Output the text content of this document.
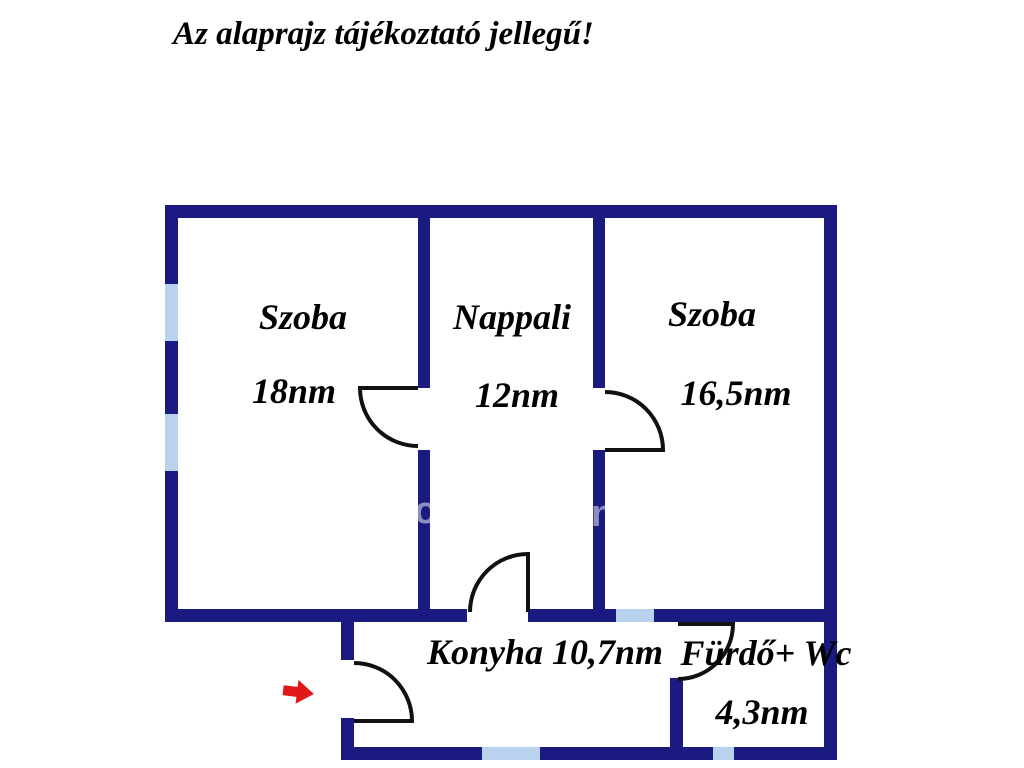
Az alaprajz tájékoztató jellegű!
Szoba
18nm
Nappali
12nm
Szoba
16,5nm
Konyha 10,7nm Fürdő+ Wc
4,3nm
o	n
